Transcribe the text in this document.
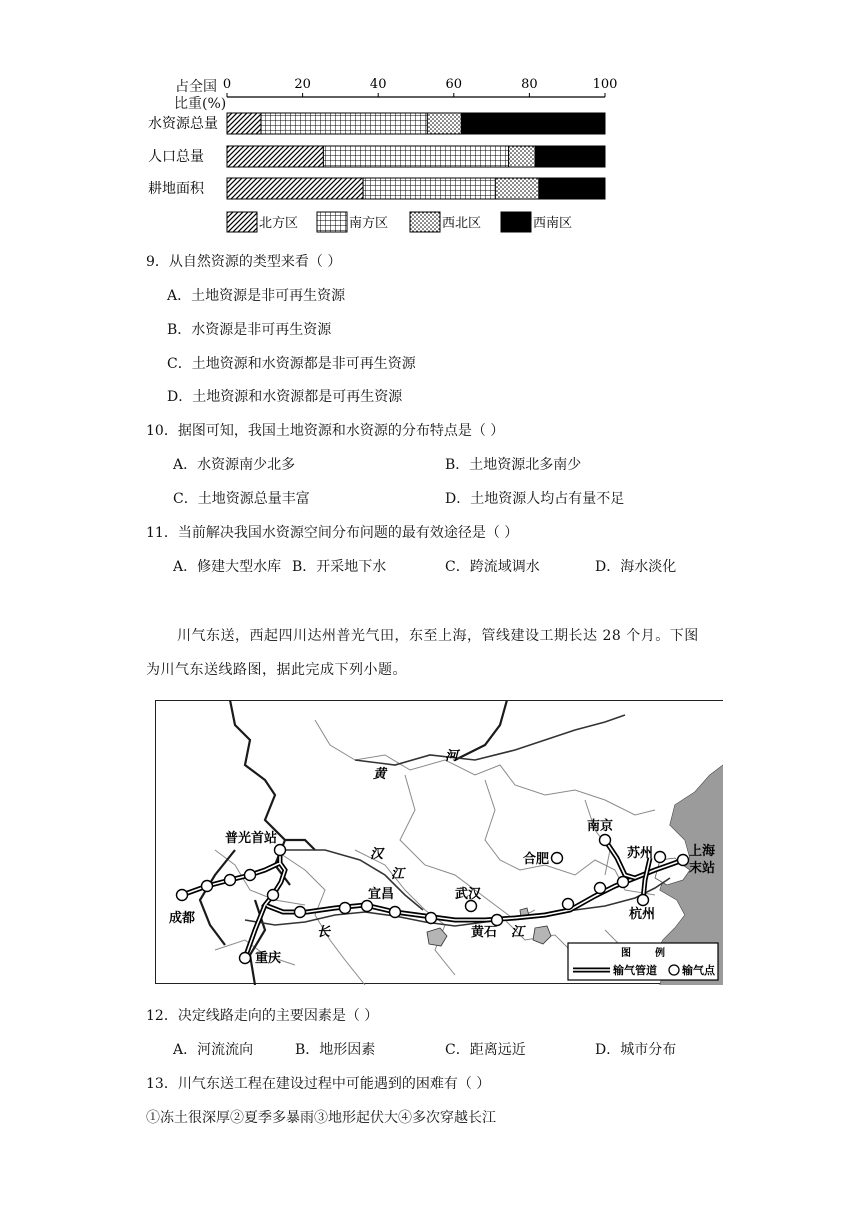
占全国
比重(%)
0	20	40	60	80	100
水资源总量
人口总量
耕地面积
北方区	南方区	西北区	西南区
9．从自然资源的类型来看（ ）
A．土地资源是非可再生资源
B．水资源是非可再生资源
C．土地资源和水资源都是非可再生资源
D．土地资源和水资源都是可再生资源
10．据图可知，我国土地资源和水资源的分布特点是（ ）
A．水资源南少北多	B．土地资源北多南少
C．土地资源总量丰富	D．土地资源人均占有量不足
11．当前解决我国水资源空间分布问题的最有效途径是（ ）
A．修建大型水库 B．开采地下水	C．跨流域调水	D．海水淡化
川气东送，西起四川达州普光气田，东至上海，管线建设工期长达 28 个月。下图
为川气东送线路图，据此完成下列小题。
黄
河
普光首站
成都
重庆
宜昌	武汉
黄石
合肥
南京
苏州
杭州
上海
末站
汉
江
长	江
图 例
输气管道 输气点
12．决定线路走向的主要因素是（ ）
A．河流流向	B．地形因素	C．距离远近	D．城市分布
13．川气东送工程在建设过程中可能遇到的困难有（ ）
①冻土很深厚②夏季多暴雨③地形起伏大④多次穿越长江
